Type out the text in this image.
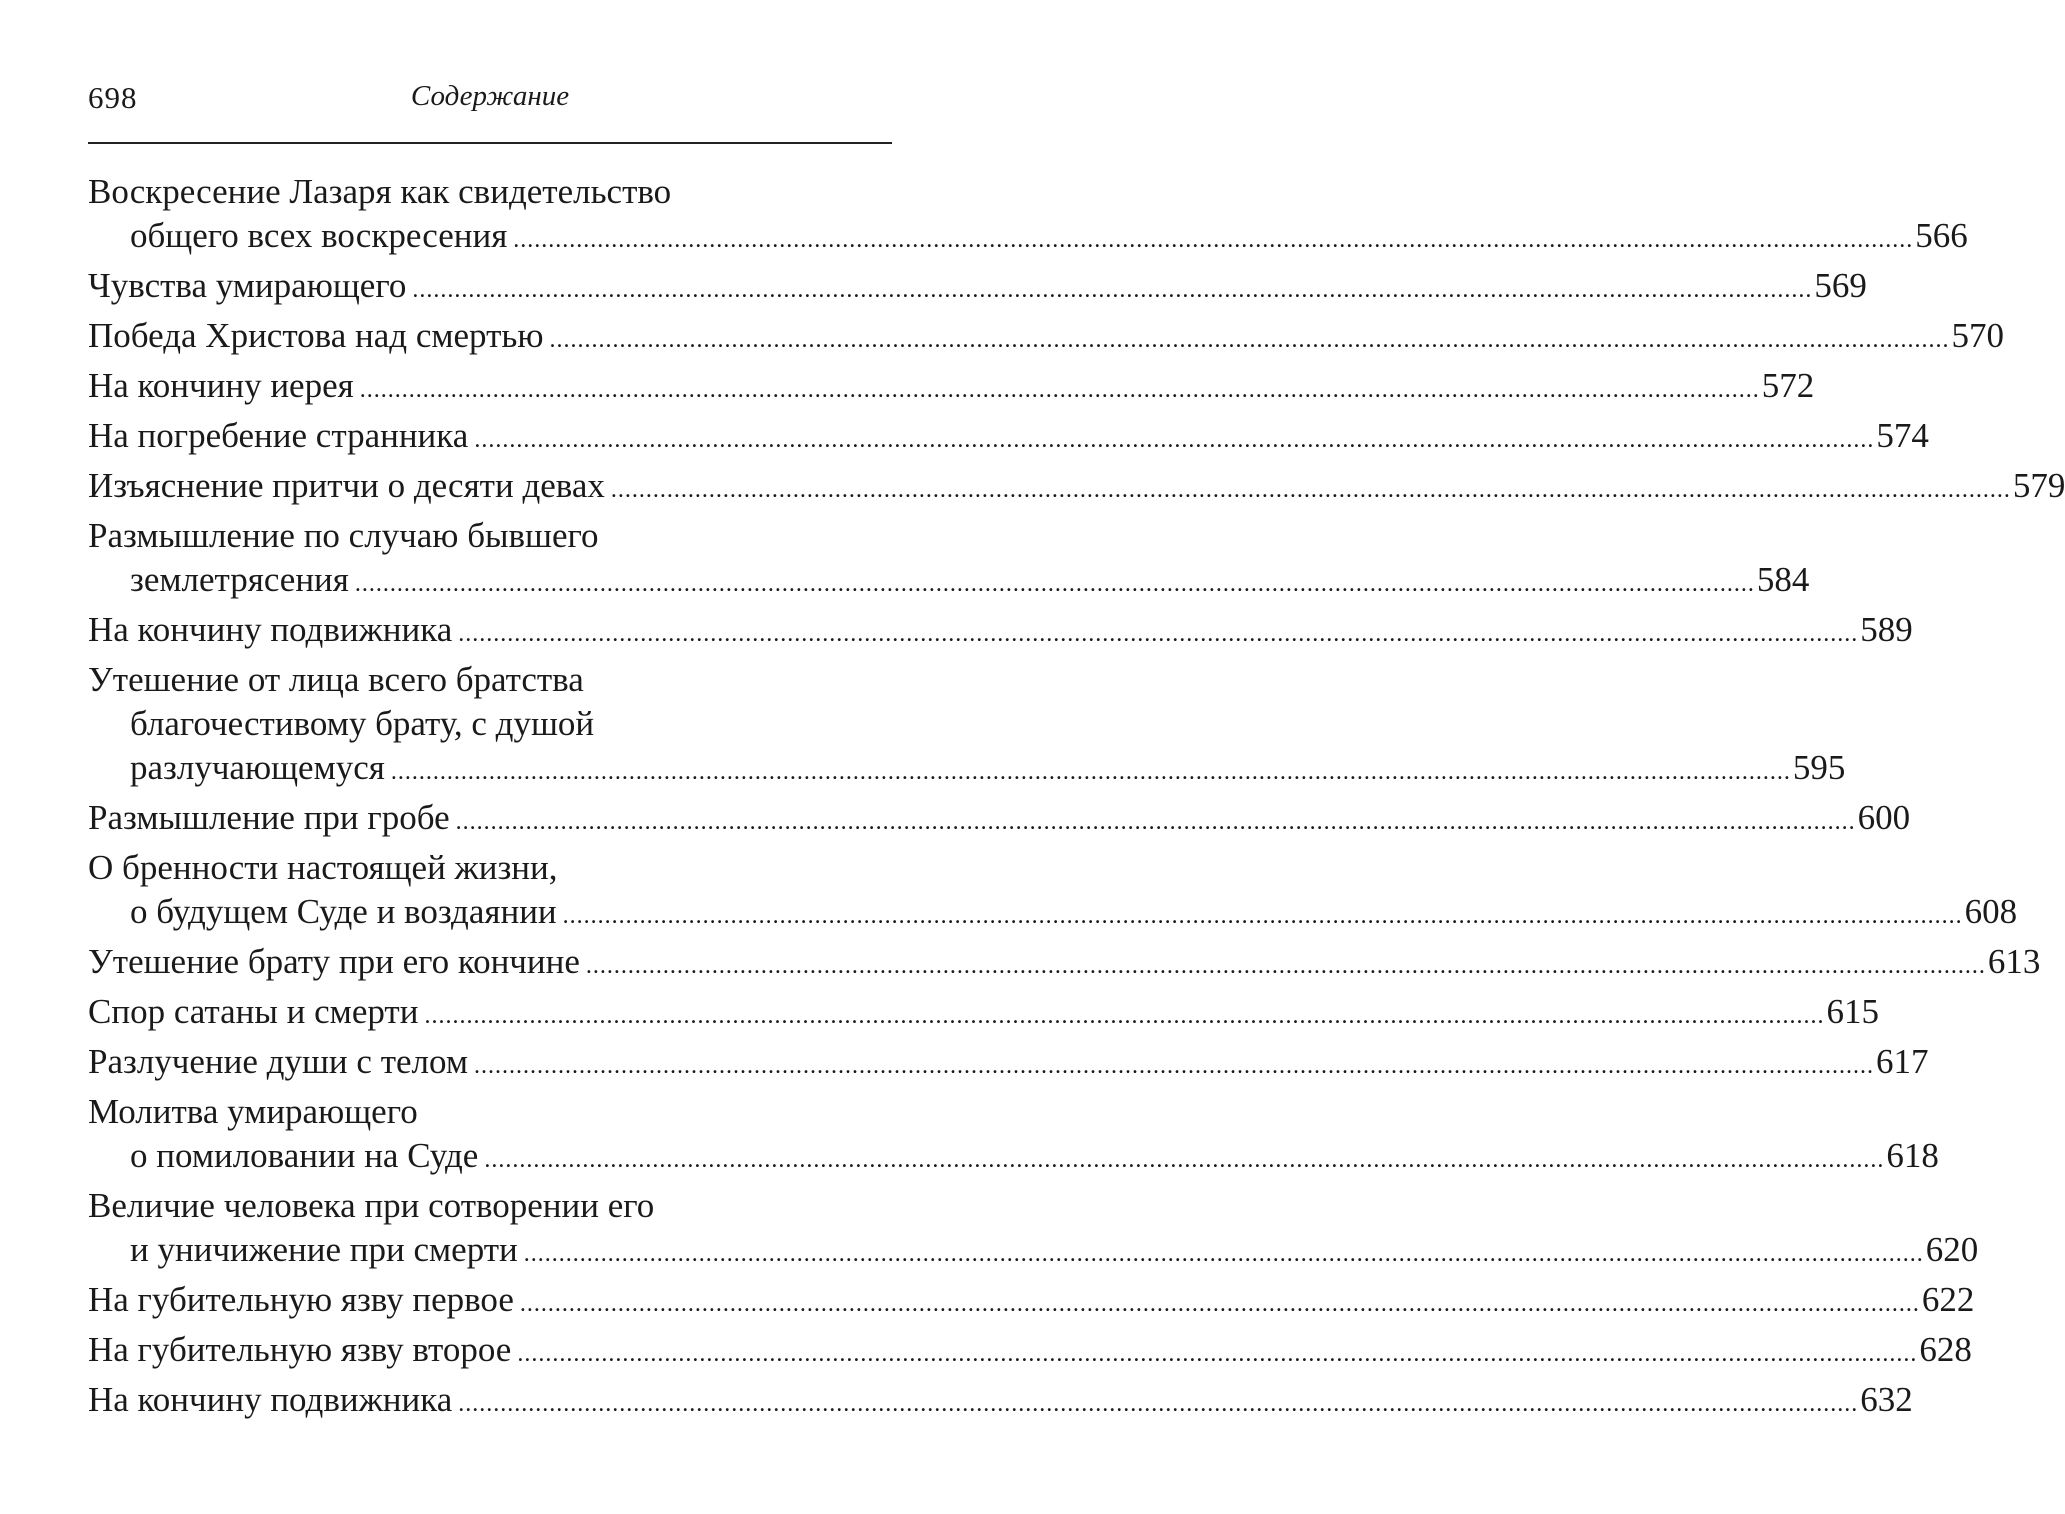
698	Содержание
Воскресение Лазаря как свидетельство
общего всех воскресения ........................................................................................................................................................................................................ 566
Чувства умирающего ........................................................................................................................................................................................................ 569
Победа Христова над смертью ........................................................................................................................................................................................................ 570
На кончину иерея ........................................................................................................................................................................................................ 572
На погребение странника ........................................................................................................................................................................................................ 574
Изъяснение притчи о десяти девах ........................................................................................................................................................................................................ 579
Размышление по случаю бывшего
землетрясения ........................................................................................................................................................................................................ 584
На кончину подвижника ........................................................................................................................................................................................................ 589
Утешение от лица всего братства
благочестивому брату, с душой
разлучающемуся ........................................................................................................................................................................................................ 595
Размышление при гробе ........................................................................................................................................................................................................ 600
О бренности настоящей жизни,
о будущем Суде и воздаянии ........................................................................................................................................................................................................ 608
Утешение брату при его кончине ........................................................................................................................................................................................................ 613
Спор сатаны и смерти ........................................................................................................................................................................................................ 615
Разлучение души с телом ........................................................................................................................................................................................................ 617
Молитва умирающего
о помиловании на Суде ........................................................................................................................................................................................................ 618
Величие человека при сотворении его
и уничижение при смерти ........................................................................................................................................................................................................ 620
На губительную язву первое ........................................................................................................................................................................................................ 622
На губительную язву второе ........................................................................................................................................................................................................ 628
На кончину подвижника ........................................................................................................................................................................................................ 632
